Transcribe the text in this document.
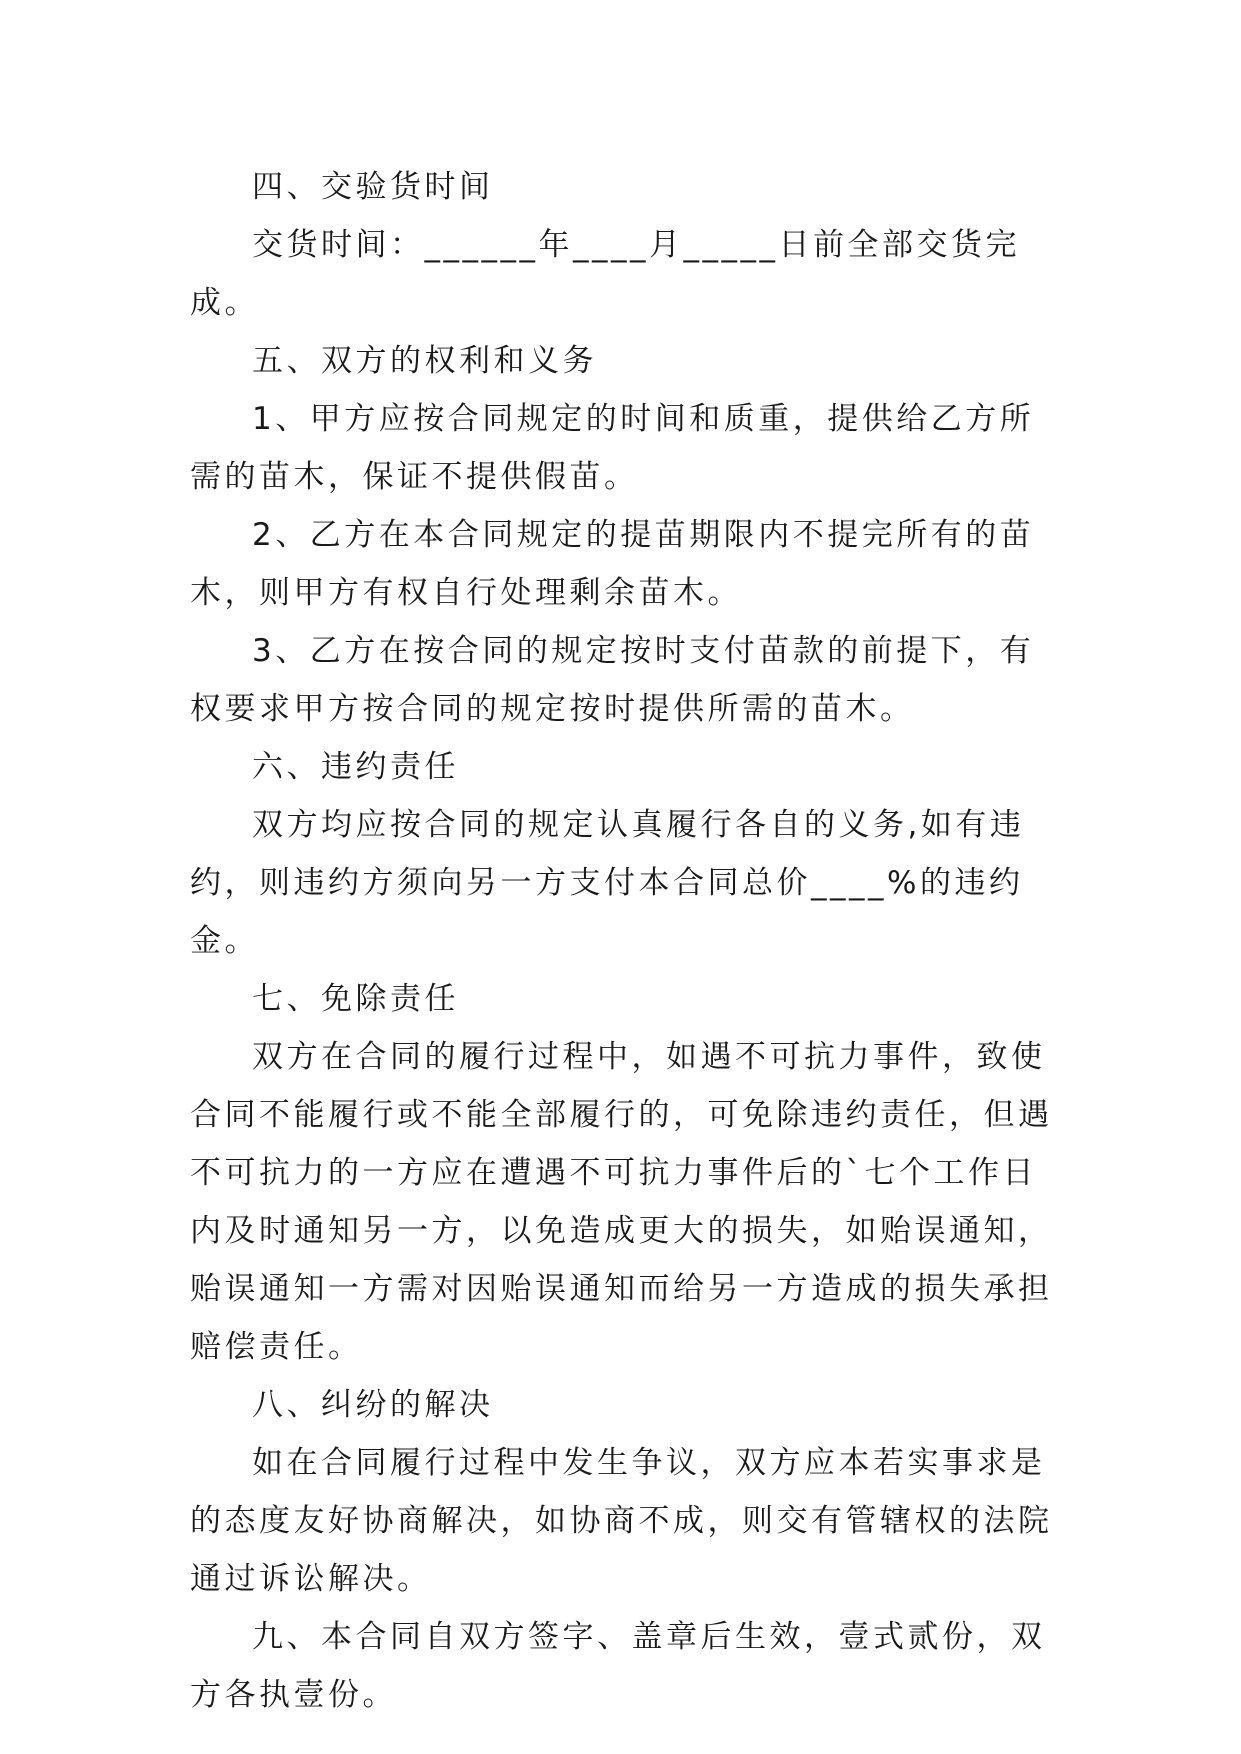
四、交验货时间

交货时间：______年____月_____日前全部交货完成。

五、双方的权利和义务

1、甲方应按合同规定的时间和质重，提供给乙方所需的苗木，保证不提供假苗。

2、乙方在本合同规定的提苗期限内不提完所有的苗木，则甲方有权自行处理剩余苗木。

3、乙方在按合同的规定按时支付苗款的前提下，有权要求甲方按合同的规定按时提供所需的苗木。

六、违约责任

双方均应按合同的规定认真履行各自的义务,如有违约，则违约方须向另一方支付本合同总价____%的违约金。

七、免除责任

双方在合同的履行过程中，如遇不可抗力事件，致使合同不能履行或不能全部履行的，可免除违约责任，但遇不可抗力的一方应在遭遇不可抗力事件后的`七个工作日内及时通知另一方，以免造成更大的损失，如贻误通知，贻误通知一方需对因贻误通知而给另一方造成的损失承担赔偿责任。

八、纠纷的解决

如在合同履行过程中发生争议，双方应本若实事求是的态度友好协商解决，如协商不成，则交有管辖权的法院通过诉讼解决。

九、本合同自双方签字、盖章后生效，壹式贰份，双方各执壹份。
